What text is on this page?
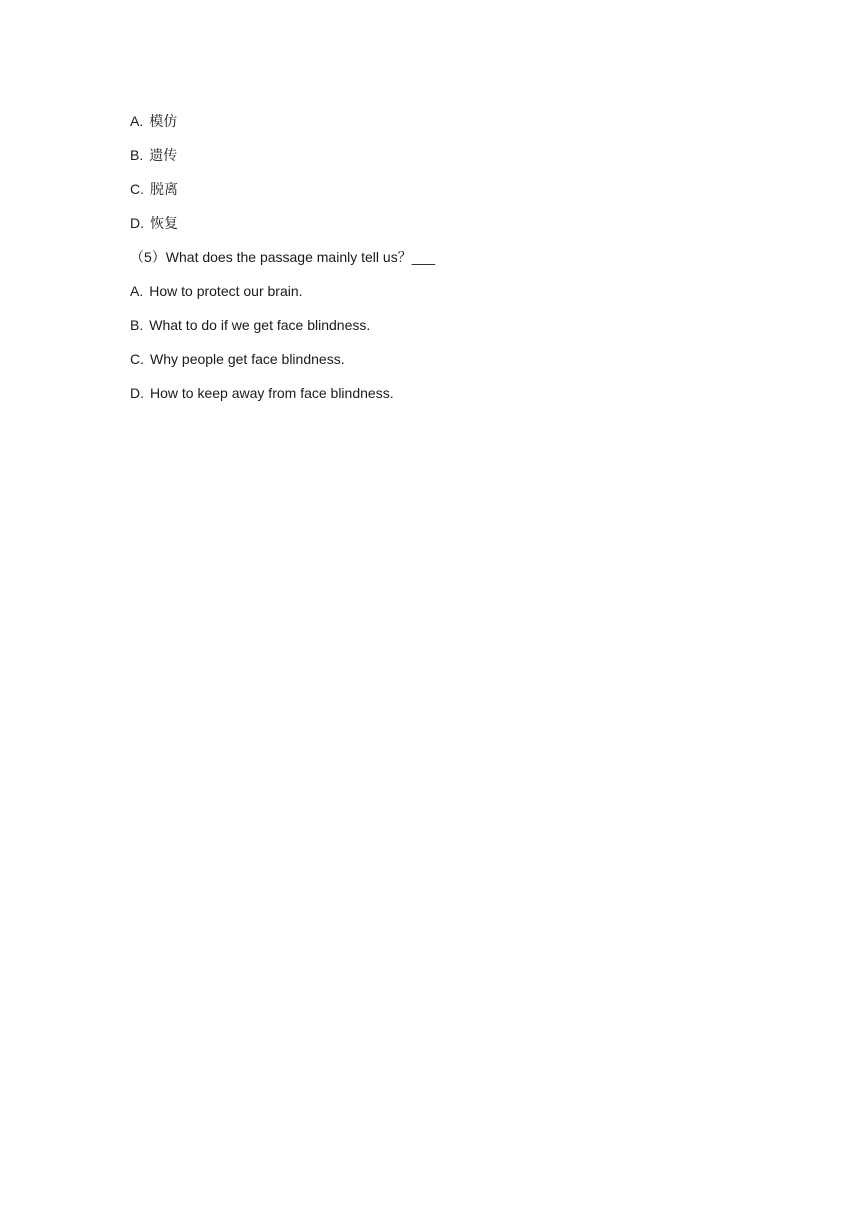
A. 模仿
B. 遗传
C. 脱离
D. 恢复
（5）What does the passage mainly tell us？___
A. How to protect our brain.
B. What to do if we get face blindness.
C. Why people get face blindness.
D. How to keep away from face blindness.
